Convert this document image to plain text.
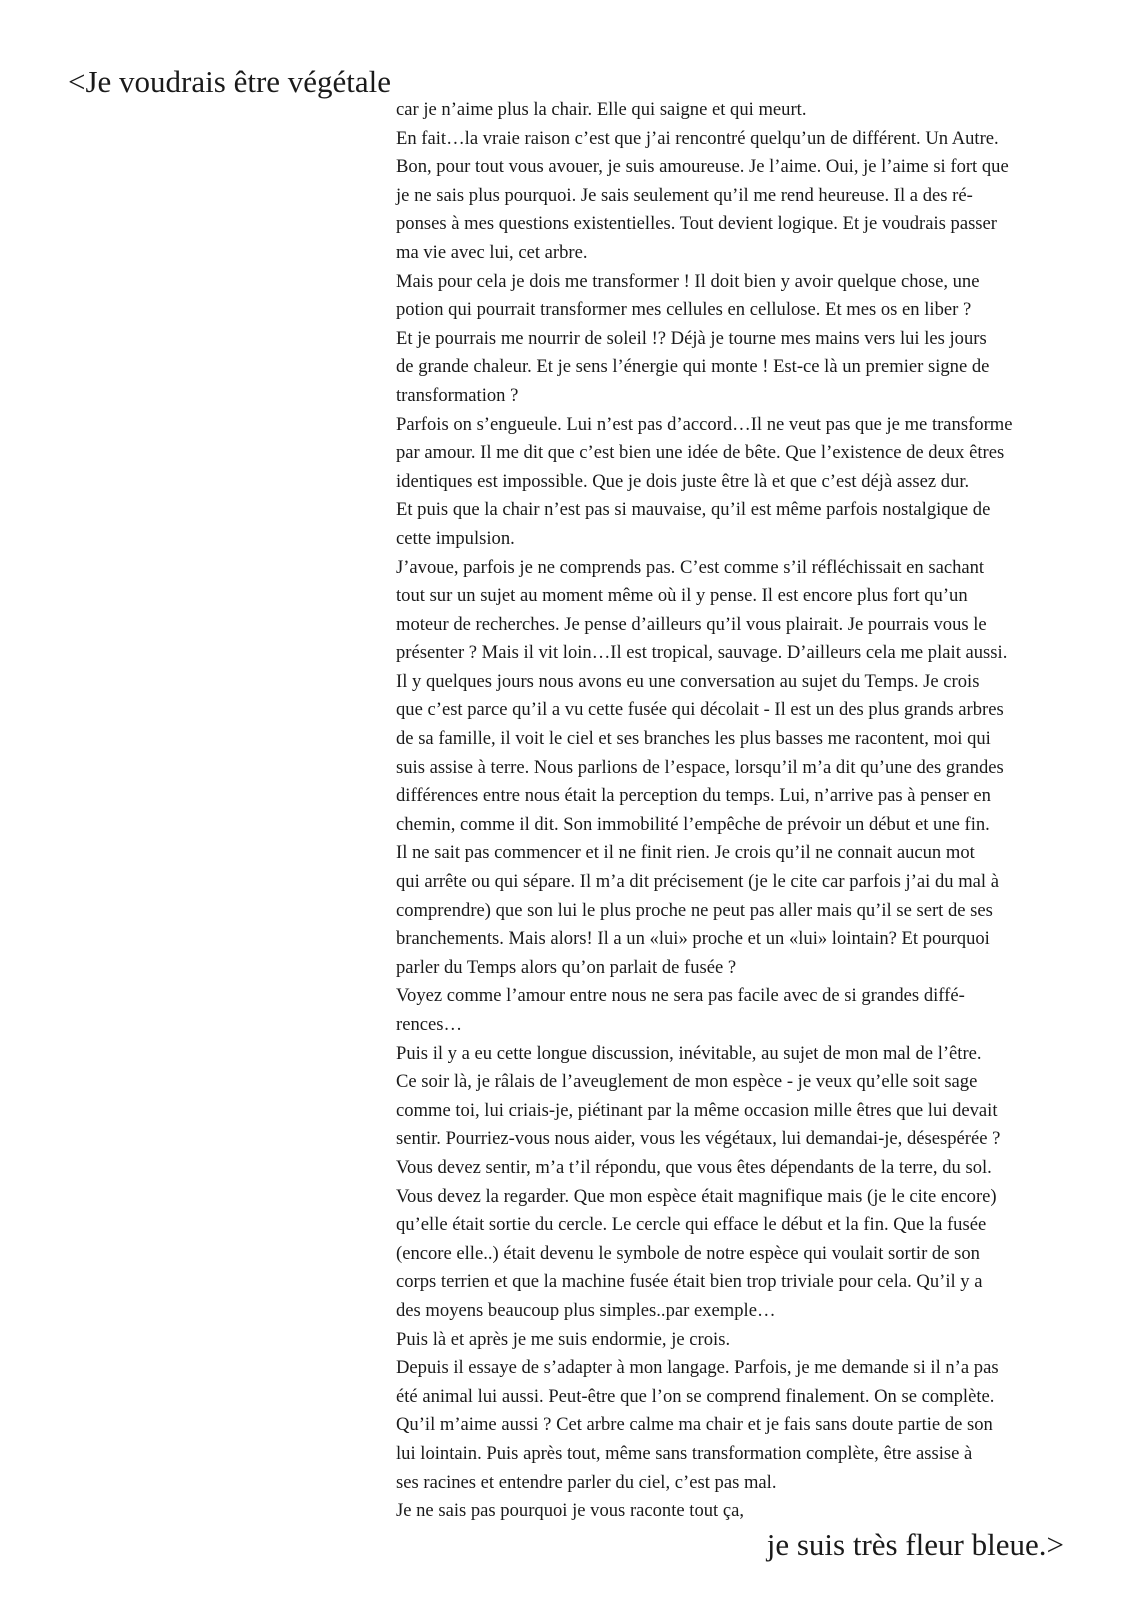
<Je voudrais être végétale
car je n’aime plus la chair. Elle qui saigne et qui meurt.
En fait…la vraie raison c’est que j’ai rencontré quelqu’un de différent. Un Autre.
Bon, pour tout vous avouer, je suis amoureuse. Je l’aime. Oui, je l’aime si fort que
je ne sais plus pourquoi. Je sais seulement qu’il me rend heureuse. Il a des ré-
ponses à mes questions existentielles. Tout devient logique. Et je voudrais passer
ma vie avec lui, cet arbre.
Mais pour cela je dois me transformer ! Il doit bien y avoir quelque chose, une
potion qui pourrait transformer mes cellules en cellulose. Et mes os en liber ?
Et je pourrais me nourrir de soleil !? Déjà je tourne mes mains vers lui les jours
de grande chaleur. Et je sens l’énergie qui monte ! Est-ce là un premier signe de
transformation ?
Parfois on s’engueule. Lui n’est pas d’accord…Il ne veut pas que je me transforme
par amour. Il me dit que c’est bien une idée de bête. Que l’existence de deux êtres
identiques est impossible. Que je dois juste être là et que c’est déjà assez dur.
Et puis que la chair n’est pas si mauvaise, qu’il est même parfois nostalgique de
cette impulsion.
J’avoue, parfois je ne comprends pas. C’est comme s’il réfléchissait en sachant
tout sur un sujet au moment même où il y pense. Il est encore plus fort qu’un
moteur de recherches. Je pense d’ailleurs qu’il vous plairait. Je pourrais vous le
présenter ? Mais il vit loin…Il est tropical, sauvage. D’ailleurs cela me plait aussi.
Il y quelques jours nous avons eu une conversation au sujet du Temps. Je crois
que c’est parce qu’il a vu cette fusée qui décolait - Il est un des plus grands arbres
de sa famille, il voit le ciel et ses branches les plus basses me racontent, moi qui
suis assise à terre. Nous parlions de l’espace, lorsqu’il m’a dit qu’une des grandes
différences entre nous était la perception du temps. Lui, n’arrive pas à penser en
chemin, comme il dit. Son immobilité l’empêche de prévoir un début et une fin.
Il ne sait pas commencer et il ne finit rien. Je crois qu’il ne connait aucun mot
qui arrête ou qui sépare. Il m’a dit précisement (je le cite car parfois j’ai du mal à
comprendre) que son lui le plus proche ne peut pas aller mais qu’il se sert de ses
branchements. Mais alors! Il a un «lui» proche et un «lui» lointain? Et pourquoi
parler du Temps alors qu’on parlait de fusée ?
Voyez comme l’amour entre nous ne sera pas facile avec de si grandes diffé-
rences…
Puis il y a eu cette longue discussion, inévitable, au sujet de mon mal de l’être.
Ce soir là, je râlais de l’aveuglement de mon espèce - je veux qu’elle soit sage
comme toi, lui criais-je, piétinant par la même occasion mille êtres que lui devait
sentir. Pourriez-vous nous aider, vous les végétaux, lui demandai-je, désespérée ?
Vous devez sentir, m’a t’il répondu, que vous êtes dépendants de la terre, du sol.
Vous devez la regarder. Que mon espèce était magnifique mais (je le cite encore)
qu’elle était sortie du cercle. Le cercle qui efface le début et la fin. Que la fusée
(encore elle..) était devenu le symbole de notre espèce qui voulait sortir de son
corps terrien et que la machine fusée était bien trop triviale pour cela. Qu’il y a
des moyens beaucoup plus simples..par exemple…
Puis là et après je me suis endormie, je crois.
Depuis il essaye de s’adapter à mon langage. Parfois, je me demande si il n’a pas
été animal lui aussi. Peut-être que l’on se comprend finalement. On se complète.
Qu’il m’aime aussi ? Cet arbre calme ma chair et je fais sans doute partie de son
lui lointain. Puis après tout, même sans transformation complète, être assise à
ses racines et entendre parler du ciel, c’est pas mal.
Je ne sais pas pourquoi je vous raconte tout ça,
je suis très fleur bleue.>
